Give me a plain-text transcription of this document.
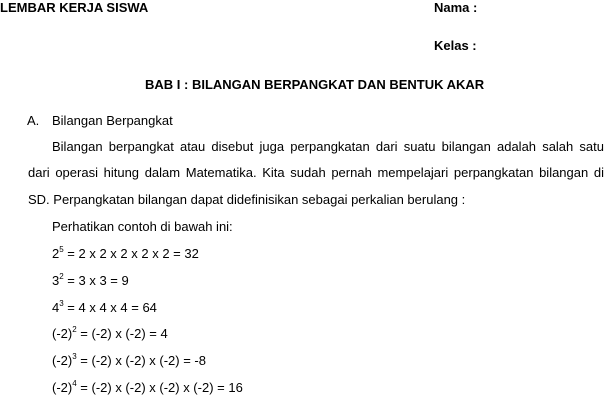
LEMBAR KERJA SISWA	Nama :
Kelas :
BAB I : BILANGAN BERPANGKAT DAN BENTUK AKAR
A. Bilangan Berpangkat
Bilangan berpangkat atau disebut juga perpangkatan dari suatu bilangan adalah salah satu
dari operasi hitung dalam Matematika. Kita sudah pernah mempelajari perpangkatan bilangan di
SD. Perpangkatan bilangan dapat didefinisikan sebagai perkalian berulang :
Perhatikan contoh di bawah ini:
$2^5 = 2$ x 2 x 2 x 2 x 2 = 32
$3^2 = 3$ x 3 = 9
$4^3 = 4$ x 4 x 4 = 64
$(-2)^2 = (-2)$ x (-2) = 4
$(-2)^3 = (-2)$ x (-2) x (-2) = -8
$(-2)^4 = (-2)$ x (-2) x (-2) x (-2) = 16
